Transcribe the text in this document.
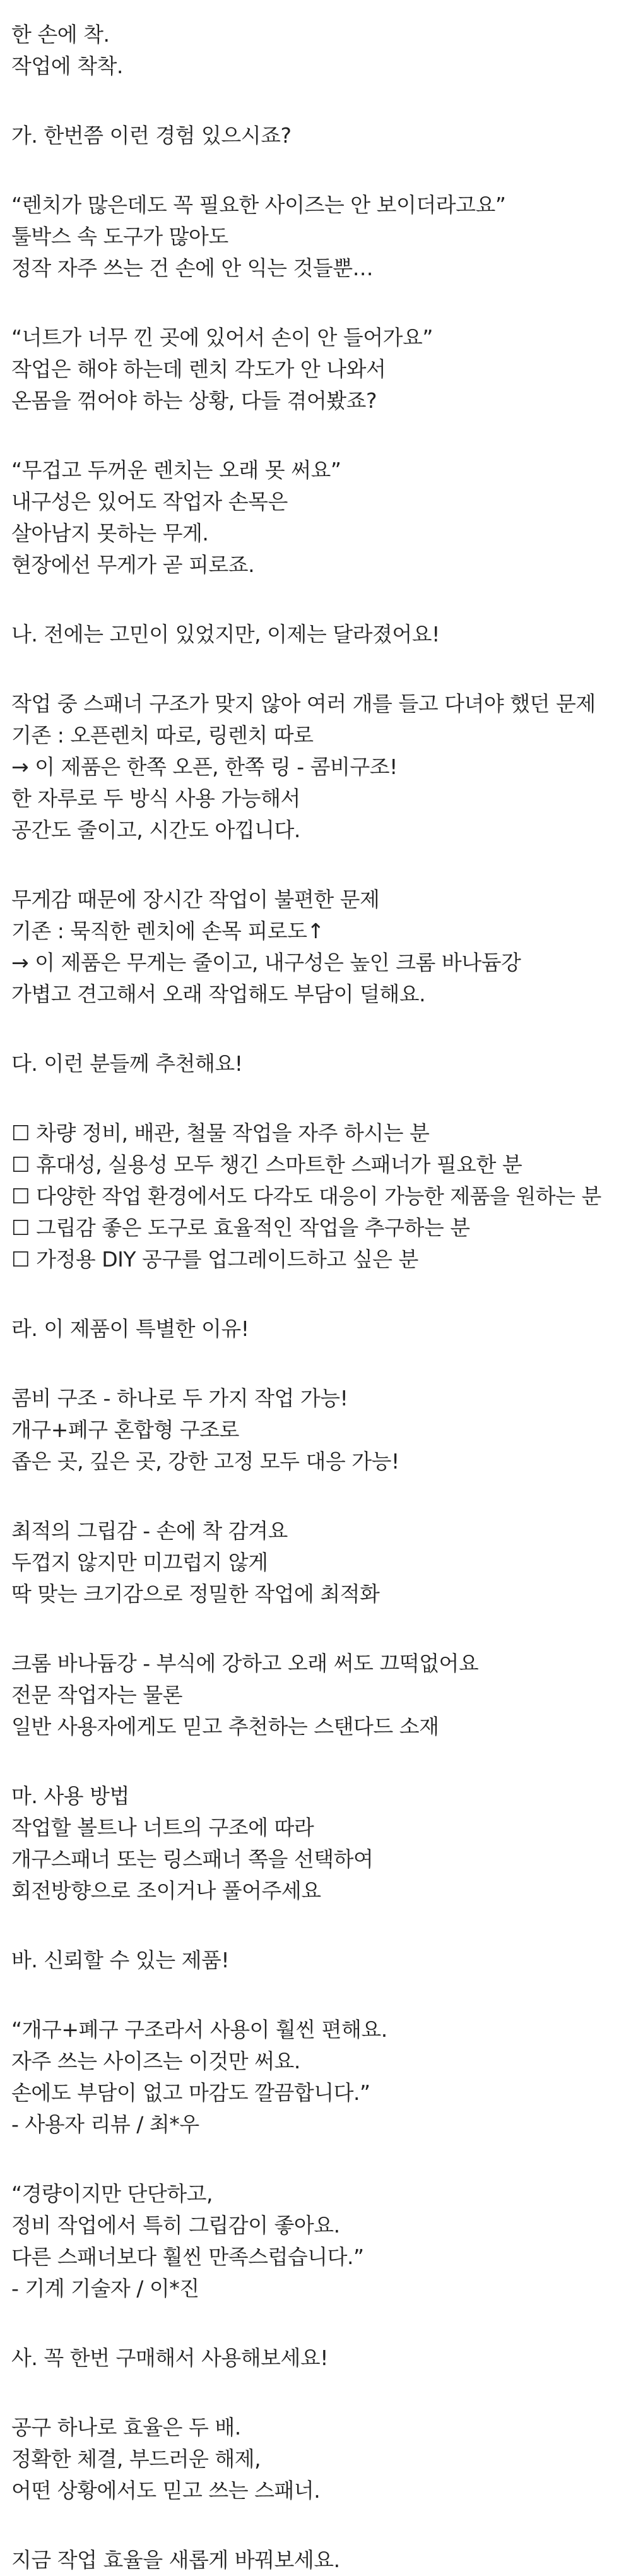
한 손에 착.
작업에 착착.
가. 한번쯤 이런 경험 있으시죠?
“렌치가 많은데도 꼭 필요한 사이즈는 안 보이더라고요”
툴박스 속 도구가 많아도
정작 자주 쓰는 건 손에 안 익는 것들뿐…
“너트가 너무 낀 곳에 있어서 손이 안 들어가요”
작업은 해야 하는데 렌치 각도가 안 나와서
온몸을 꺾어야 하는 상황, 다들 겪어봤죠?
“무겁고 두꺼운 렌치는 오래 못 써요”
내구성은 있어도 작업자 손목은
살아남지 못하는 무게.
현장에선 무게가 곧 피로죠.
나. 전에는 고민이 있었지만, 이제는 달라졌어요!
작업 중 스패너 구조가 맞지 않아 여러 개를 들고 다녀야 했던 문제
기존 : 오픈렌치 따로, 링렌치 따로
→ 이 제품은 한쪽 오픈, 한쪽 링 - 콤비구조!
한 자루로 두 방식 사용 가능해서
공간도 줄이고, 시간도 아낍니다.
무게감 때문에 장시간 작업이 불편한 문제
기존 : 묵직한 렌치에 손목 피로도↑
→ 이 제품은 무게는 줄이고, 내구성은 높인 크롬 바나듐강
가볍고 견고해서 오래 작업해도 부담이 덜해요.
다. 이런 분들께 추천해요!
☐ 차량 정비, 배관, 철물 작업을 자주 하시는 분
☐ 휴대성, 실용성 모두 챙긴 스마트한 스패너가 필요한 분
☐ 다양한 작업 환경에서도 다각도 대응이 가능한 제품을 원하는 분
☐ 그립감 좋은 도구로 효율적인 작업을 추구하는 분
☐ 가정용 DIY 공구를 업그레이드하고 싶은 분
라. 이 제품이 특별한 이유!
콤비 구조 - 하나로 두 가지 작업 가능!
개구+폐구 혼합형 구조로
좁은 곳, 깊은 곳, 강한 고정 모두 대응 가능!
최적의 그립감 - 손에 착 감겨요
두껍지 않지만 미끄럽지 않게
딱 맞는 크기감으로 정밀한 작업에 최적화
크롬 바나듐강 - 부식에 강하고 오래 써도 끄떡없어요
전문 작업자는 물론
일반 사용자에게도 믿고 추천하는 스탠다드 소재
마. 사용 방법
작업할 볼트나 너트의 구조에 따라
개구스패너 또는 링스패너 쪽을 선택하여
회전방향으로 조이거나 풀어주세요
바. 신뢰할 수 있는 제품!
“개구+폐구 구조라서 사용이 훨씬 편해요.
자주 쓰는 사이즈는 이것만 써요.
손에도 부담이 없고 마감도 깔끔합니다.”
- 사용자 리뷰 / 최*우
“경량이지만 단단하고,
정비 작업에서 특히 그립감이 좋아요.
다른 스패너보다 훨씬 만족스럽습니다.”
- 기계 기술자 / 이*진
사. 꼭 한번 구매해서 사용해보세요!
공구 하나로 효율은 두 배.
정확한 체결, 부드러운 해제,
어떤 상황에서도 믿고 쓰는 스패너.
지금 작업 효율을 새롭게 바꿔보세요.
